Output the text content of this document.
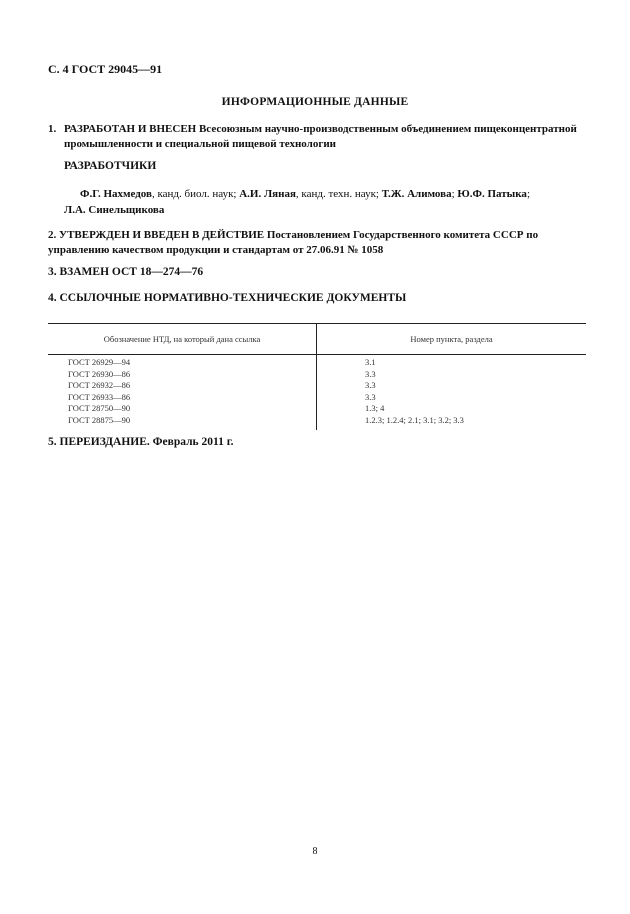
С. 4 ГОСТ 29045—91
ИНФОРМАЦИОННЫЕ ДАННЫЕ
1. РАЗРАБОТАН И ВНЕСЕН Всесоюзным научно-производственным объединением пищеконцентратной промышленности и специальной пищевой технологии
РАЗРАБОТЧИКИ
Ф.Г. Нахмедов, канд. биол. наук; А.И. Ляная, канд. техн. наук; Т.Ж. Алимова; Ю.Ф. Патыка;
Л.А. Синельщикова
2. УТВЕРЖДЕН И ВВЕДЕН В ДЕЙСТВИЕ Постановлением Государственного комитета СССР по управлению качеством продукции и стандартам от 27.06.91 № 1058
3. ВЗАМЕН ОСТ 18—274—76
4. ССЫЛОЧНЫЕ НОРМАТИВНО-ТЕХНИЧЕСКИЕ ДОКУМЕНТЫ
Обозначение НТД, на который дана ссылка	Номер пункта, раздела
ГОСТ 26929—94	3.1
ГОСТ 26930—86	3.3
ГОСТ 26932—86	3.3
ГОСТ 26933—86	3.3
ГОСТ 28750—90	1.3; 4
ГОСТ 28875—90	1.2.3; 1.2.4; 2.1; 3.1; 3.2; 3.3
5. ПЕРЕИЗДАНИЕ. Февраль 2011 г.
8
